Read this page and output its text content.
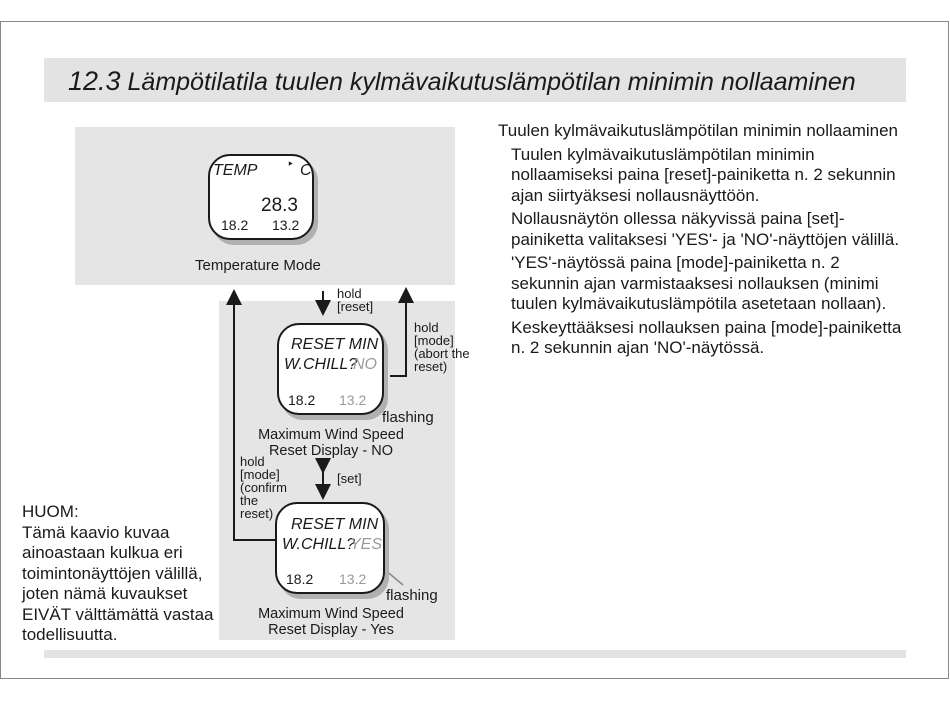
12.3 Lämpötilatila tuulen kylmävaikutuslämpötilan minimin nollaaminen
TEMP ‣ C
28.3
18.2 13.2
Temperature Mode
hold
[reset]
hold
[mode]
(abort the
reset)
RESET MIN
W.CHILL?
NO
18.2 13.2
flashing
Maximum Wind Speed
Reset Display - NO
hold
[mode]
(confirm
the
reset)
[set]
RESET MIN
W.CHILL?
YES
18.2 13.2
flashing
Maximum Wind Speed
Reset Display - Yes

Tuulen kylmävaikutuslämpötilan minimin nollaaminen

Tuulen kylmävaikutuslämpötilan minimin nollaamiseksi paina [reset]-painiketta n. 2 sekunnin ajan siirtyäksesi nollausnäyttöön.

Nollausnäytön ollessa näkyvissä paina [set]-painiketta valitaksesi 'YES'- ja 'NO'-näyttöjen välillä.

'YES'-näytössä paina [mode]-painiketta n. 2 sekunnin ajan varmistaaksesi nollauksen (minimi tuulen kylmävaikutuslämpötila asetetaan nollaan).

Keskeyttääksesi nollauksen paina [mode]-painiketta n. 2 sekunnin ajan 'NO'-näytössä.

HUOM:

Tämä kaavio kuvaa ainoastaan kulkua eri toimintonäyttöjen välillä, joten nämä kuvaukset EIVÄT välttämättä vastaa todellisuutta.
